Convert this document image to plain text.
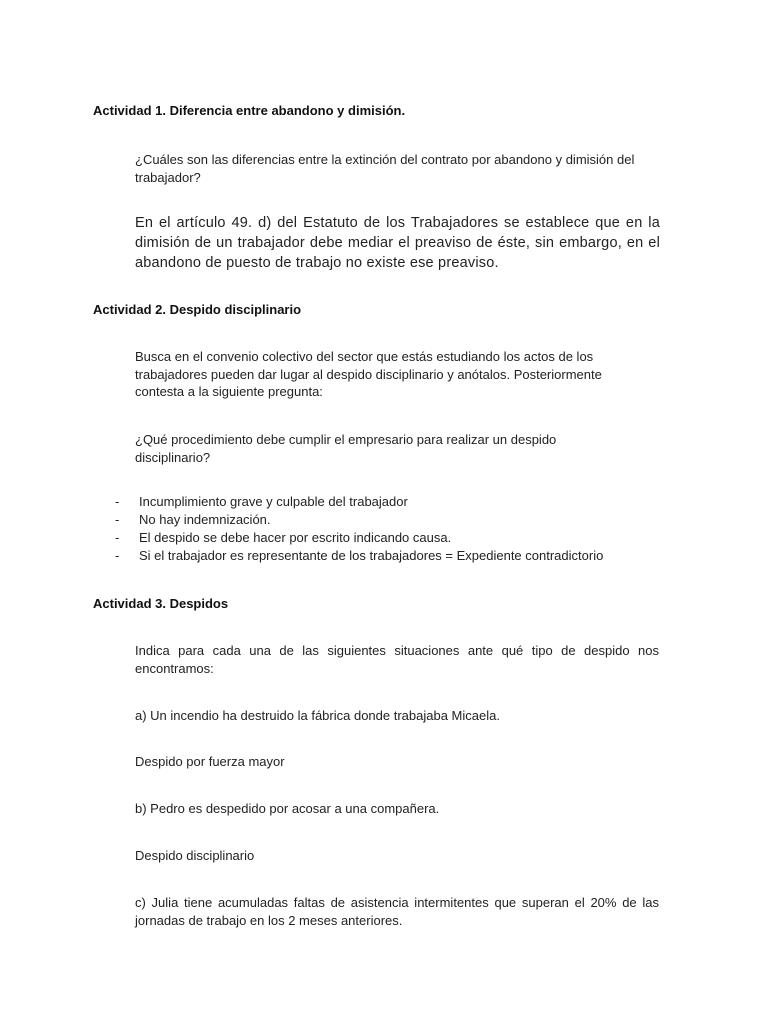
Actividad 1. Diferencia entre abandono y dimisión.
¿Cuáles son las diferencias entre la extinción del contrato por abandono y dimisión del trabajador?
En el artículo 49. d) del Estatuto de los Trabajadores se establece que en la dimisión de un trabajador debe mediar el preaviso de éste, sin embargo, en el abandono de puesto de trabajo no existe ese preaviso.
Actividad 2. Despido disciplinario
Busca en el convenio colectivo del sector que estás estudiando los actos de los trabajadores pueden dar lugar al despido disciplinario y anótalos. Posteriormente contesta a la siguiente pregunta:
¿Qué procedimiento debe cumplir el empresario para realizar un despido disciplinario?
- Incumplimiento grave y culpable del trabajador
- No hay indemnización.
- El despido se debe hacer por escrito indicando causa.
- Si el trabajador es representante de los trabajadores = Expediente contradictorio
Actividad 3. Despidos
Indica para cada una de las siguientes situaciones ante qué tipo de despido nos encontramos:
a) Un incendio ha destruido la fábrica donde trabajaba Micaela.
Despido por fuerza mayor
b) Pedro es despedido por acosar a una compañera.
Despido disciplinario
c) Julia tiene acumuladas faltas de asistencia intermitentes que superan el 20% de las jornadas de trabajo en los 2 meses anteriores.
